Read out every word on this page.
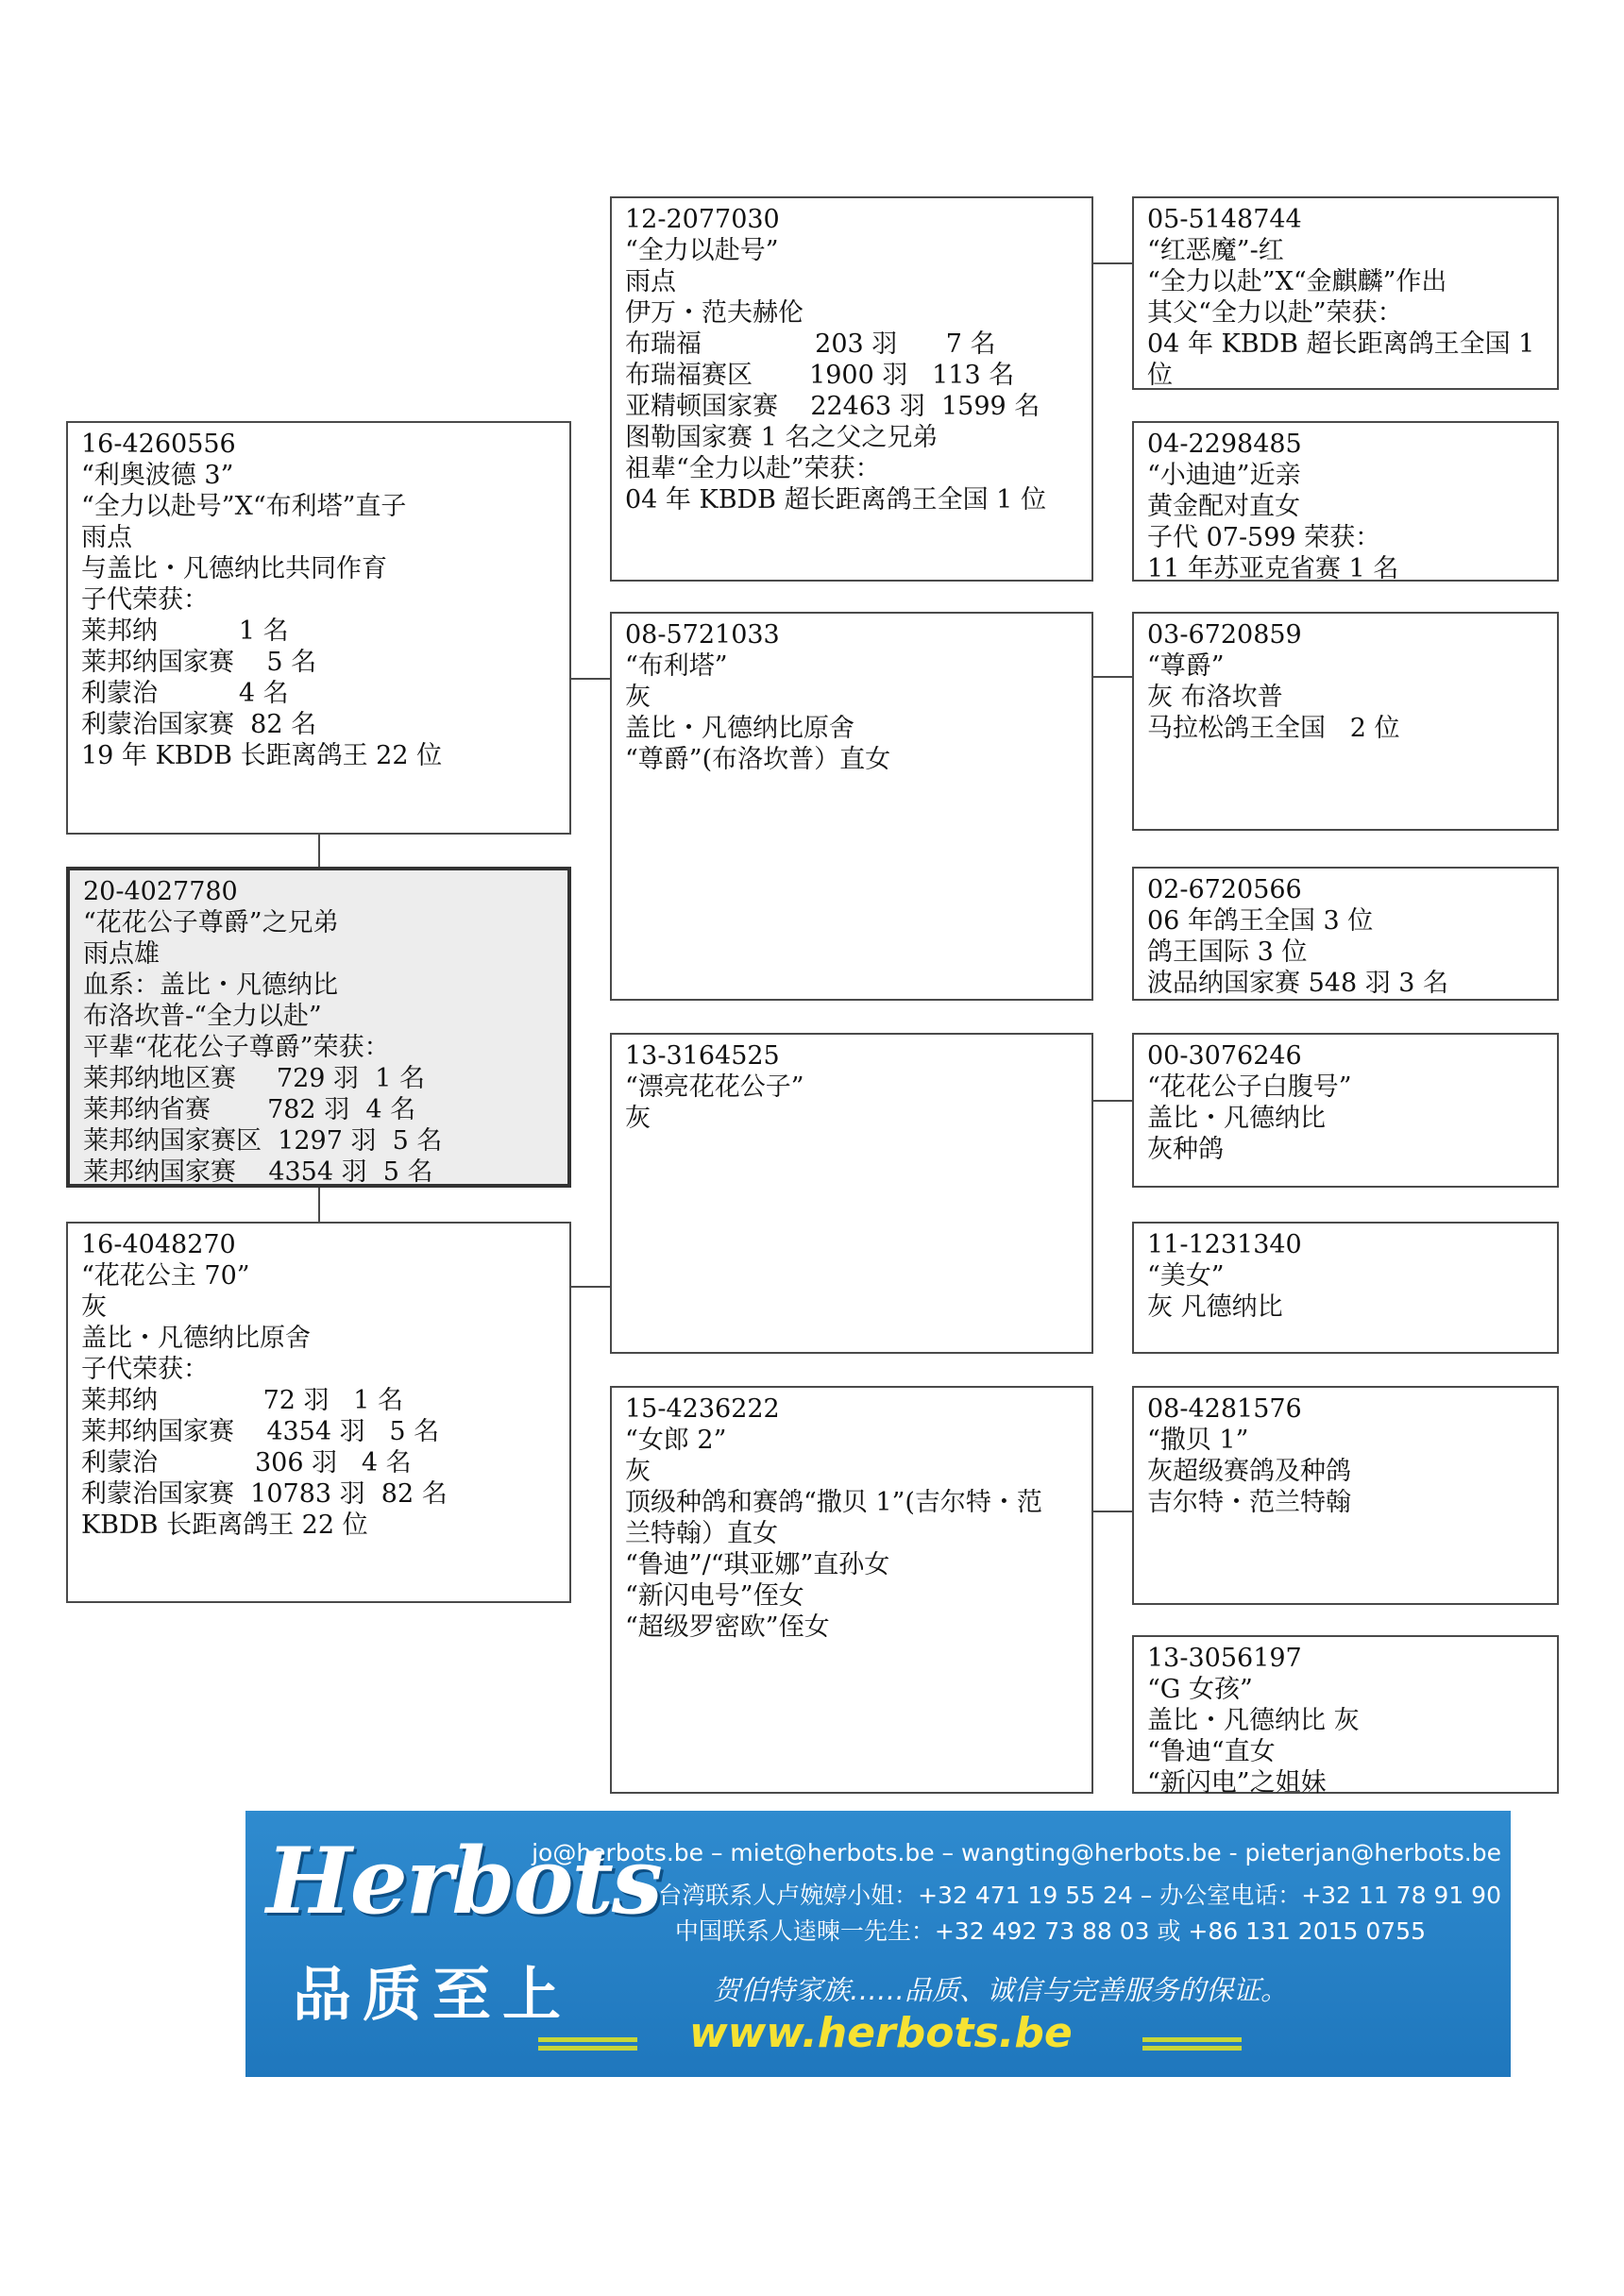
16-4260556
“利奥波德 3”
“全力以赴号”X“布利塔”直子
雨点
与盖比・凡德纳比共同作育
子代荣获：
莱邦纳          1 名
莱邦纳国家赛    5 名
利蒙治          4 名
利蒙治国家赛  82 名
19 年 KBDB 长距离鸽王 22 位
20-4027780
“花花公子尊爵”之兄弟
雨点雄
血系：盖比・凡德纳比
布洛坎普-“全力以赴”
平辈“花花公子尊爵”荣获：
莱邦纳地区赛     729 羽  1 名
莱邦纳省赛       782 羽  4 名
莱邦纳国家赛区  1297 羽  5 名
莱邦纳国家赛    4354 羽  5 名
16-4048270
“花花公主 70”
灰
盖比・凡德纳比原舍
子代荣获：
莱邦纳             72 羽   1 名
莱邦纳国家赛    4354 羽   5 名
利蒙治            306 羽   4 名
利蒙治国家赛  10783 羽  82 名
KBDB 长距离鸽王 22 位
12-2077030
“全力以赴号”
雨点
伊万・范夫赫伦
布瑞福              203 羽      7 名
布瑞福赛区       1900 羽   113 名
亚精顿国家赛    22463 羽  1599 名
图勒国家赛 1 名之父之兄弟
祖辈“全力以赴”荣获：
04 年 KBDB 超长距离鸽王全国 1 位
08-5721033
“布利塔”
灰
盖比・凡德纳比原舍
“尊爵”(布洛坎普）直女
13-3164525
“漂亮花花公子”
灰
15-4236222
“女郎 2”
灰
顶级种鸽和赛鸽“撒贝 1”(吉尔特・范
兰特翰）直女
“鲁迪”/“琪亚娜”直孙女
“新闪电号”侄女
“超级罗密欧”侄女
05-5148744
“红恶魔”-红
“全力以赴”X“金麒麟”作出
其父“全力以赴”荣获：
04 年 KBDB 超长距离鸽王全国 1
位
04-2298485
“小迪迪”近亲
黄金配对直女
子代 07-599 荣获：
11 年苏亚克省赛 1 名
03-6720859
“尊爵”
灰 布洛坎普
马拉松鸽王全国   2 位
02-6720566
06 年鸽王全国 3 位
鸽王国际 3 位
波品纳国家赛 548 羽 3 名
00-3076246
“花花公子白腹号”
盖比・凡德纳比
灰种鸽
11-1231340
“美女”
灰 凡德纳比
08-4281576
“撒贝 1”
灰超级赛鸽及种鸽
吉尔特・范兰特翰
13-3056197
“G 女孩”
盖比・凡德纳比 灰
“鲁迪“直女
“新闪电”之姐妹
Herbots
品质至上
jo@herbots.be – miet@herbots.be – wangting@herbots.be - pieterjan@herbots.be
台湾联系人卢婉婷小姐：+32 471 19 55 24 – 办公室电话：+32 11 78 91 90
中国联系人逵暕一先生：+32 492 73 88 03 或 +86 131 2015 0755
贺伯特家族……品质、诚信与完善服务的保证。
www.herbots.be
